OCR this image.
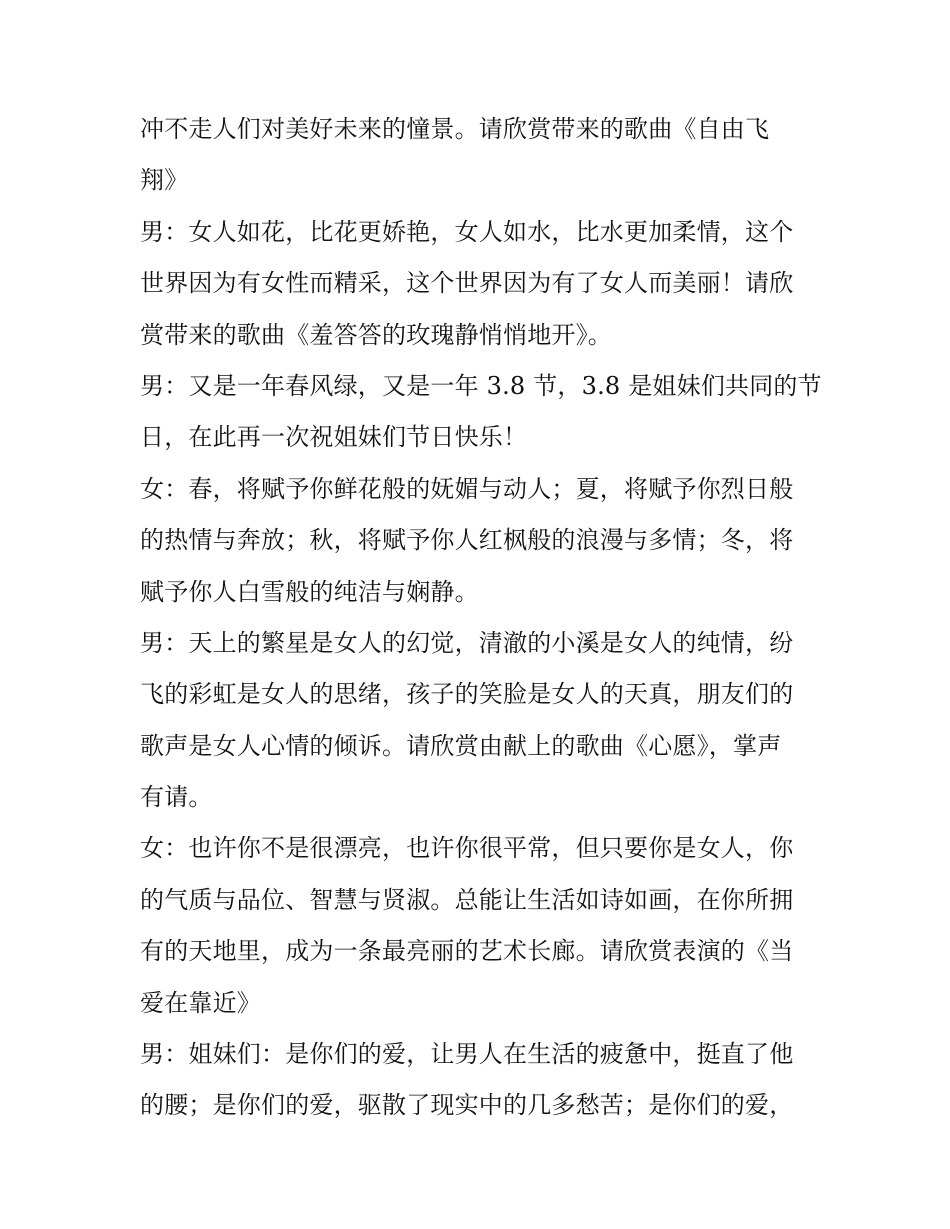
冲不走人们对美好未来的憧景。请欣赏带来的歌曲《自由飞
翔》
男：女人如花，比花更娇艳，女人如水，比水更加柔情，这个
世界因为有女性而精采，这个世界因为有了女人而美丽！请欣
赏带来的歌曲《羞答答的玫瑰静悄悄地开》。
男：又是一年春风绿，又是一年 3.8 节，3.8 是姐妹们共同的节
日，在此再一次祝姐妹们节日快乐！
女：春，将赋予你鲜花般的妩媚与动人；夏，将赋予你烈日般
的热情与奔放；秋，将赋予你人红枫般的浪漫与多情；冬，将
赋予你人白雪般的纯洁与娴静。
男：天上的繁星是女人的幻觉，清澈的小溪是女人的纯情，纷
飞的彩虹是女人的思绪，孩子的笑脸是女人的天真，朋友们的
歌声是女人心情的倾诉。请欣赏由献上的歌曲《心愿》，掌声
有请。
女：也许你不是很漂亮，也许你很平常，但只要你是女人，你
的气质与品位、智慧与贤淑。总能让生活如诗如画，在你所拥
有的天地里，成为一条最亮丽的艺术长廊。请欣赏表演的《当
爱在靠近》
男：姐妹们：是你们的爱，让男人在生活的疲惫中，挺直了他
的腰；是你们的爱，驱散了现实中的几多愁苦；是你们的爱，
